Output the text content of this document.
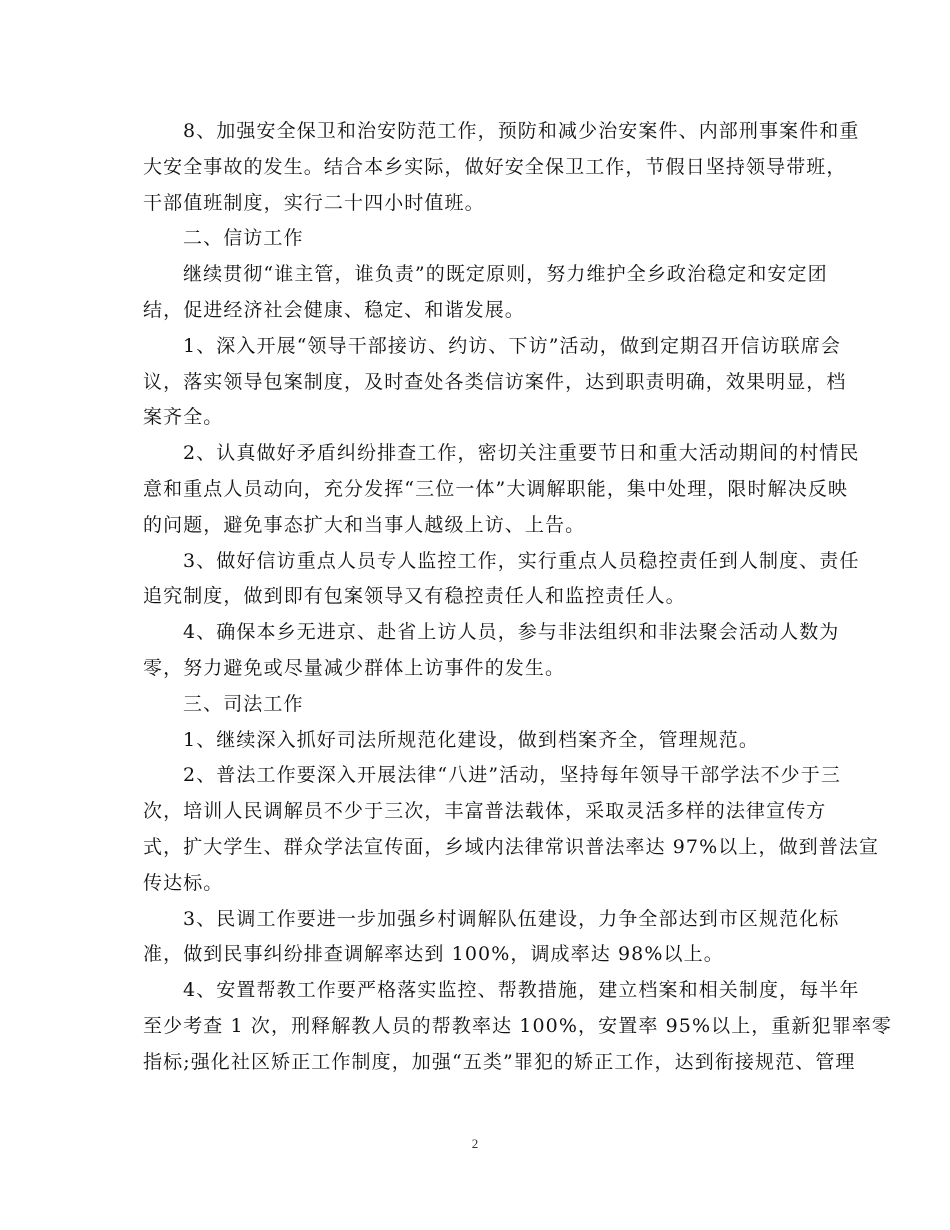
8、加强安全保卫和治安防范工作，预防和减少治安案件、内部刑事案件和重
大安全事故的发生。结合本乡实际，做好安全保卫工作，节假日坚持领导带班，
干部值班制度，实行二十四小时值班。

二、信访工作

继续贯彻“谁主管，谁负责”的既定原则，努力维护全乡政治稳定和安定团
结，促进经济社会健康、稳定、和谐发展。

1、深入开展“领导干部接访、约访、下访”活动，做到定期召开信访联席会
议，落实领导包案制度，及时查处各类信访案件，达到职责明确，效果明显，档
案齐全。

2、认真做好矛盾纠纷排查工作，密切关注重要节日和重大活动期间的村情民
意和重点人员动向，充分发挥“三位一体”大调解职能，集中处理，限时解决反映
的问题，避免事态扩大和当事人越级上访、上告。

3、做好信访重点人员专人监控工作，实行重点人员稳控责任到人制度、责任
追究制度，做到即有包案领导又有稳控责任人和监控责任人。

4、确保本乡无进京、赴省上访人员，参与非法组织和非法聚会活动人数为
零，努力避免或尽量减少群体上访事件的发生。

三、司法工作

1、继续深入抓好司法所规范化建设，做到档案齐全，管理规范。

2、普法工作要深入开展法律“八进”活动，坚持每年领导干部学法不少于三
次，培训人民调解员不少于三次，丰富普法载体，采取灵活多样的法律宣传方
式，扩大学生、群众学法宣传面，乡域内法律常识普法率达 97%以上，做到普法宣
传达标。

3、民调工作要进一步加强乡村调解队伍建设，力争全部达到市区规范化标
准，做到民事纠纷排查调解率达到 100%，调成率达 98%以上。

4、安置帮教工作要严格落实监控、帮教措施，建立档案和相关制度，每半年
至少考查 1 次，刑释解教人员的帮教率达 100%，安置率 95%以上，重新犯罪率零
指标;强化社区矫正工作制度，加强“五类”罪犯的矫正工作，达到衔接规范、管理

2
